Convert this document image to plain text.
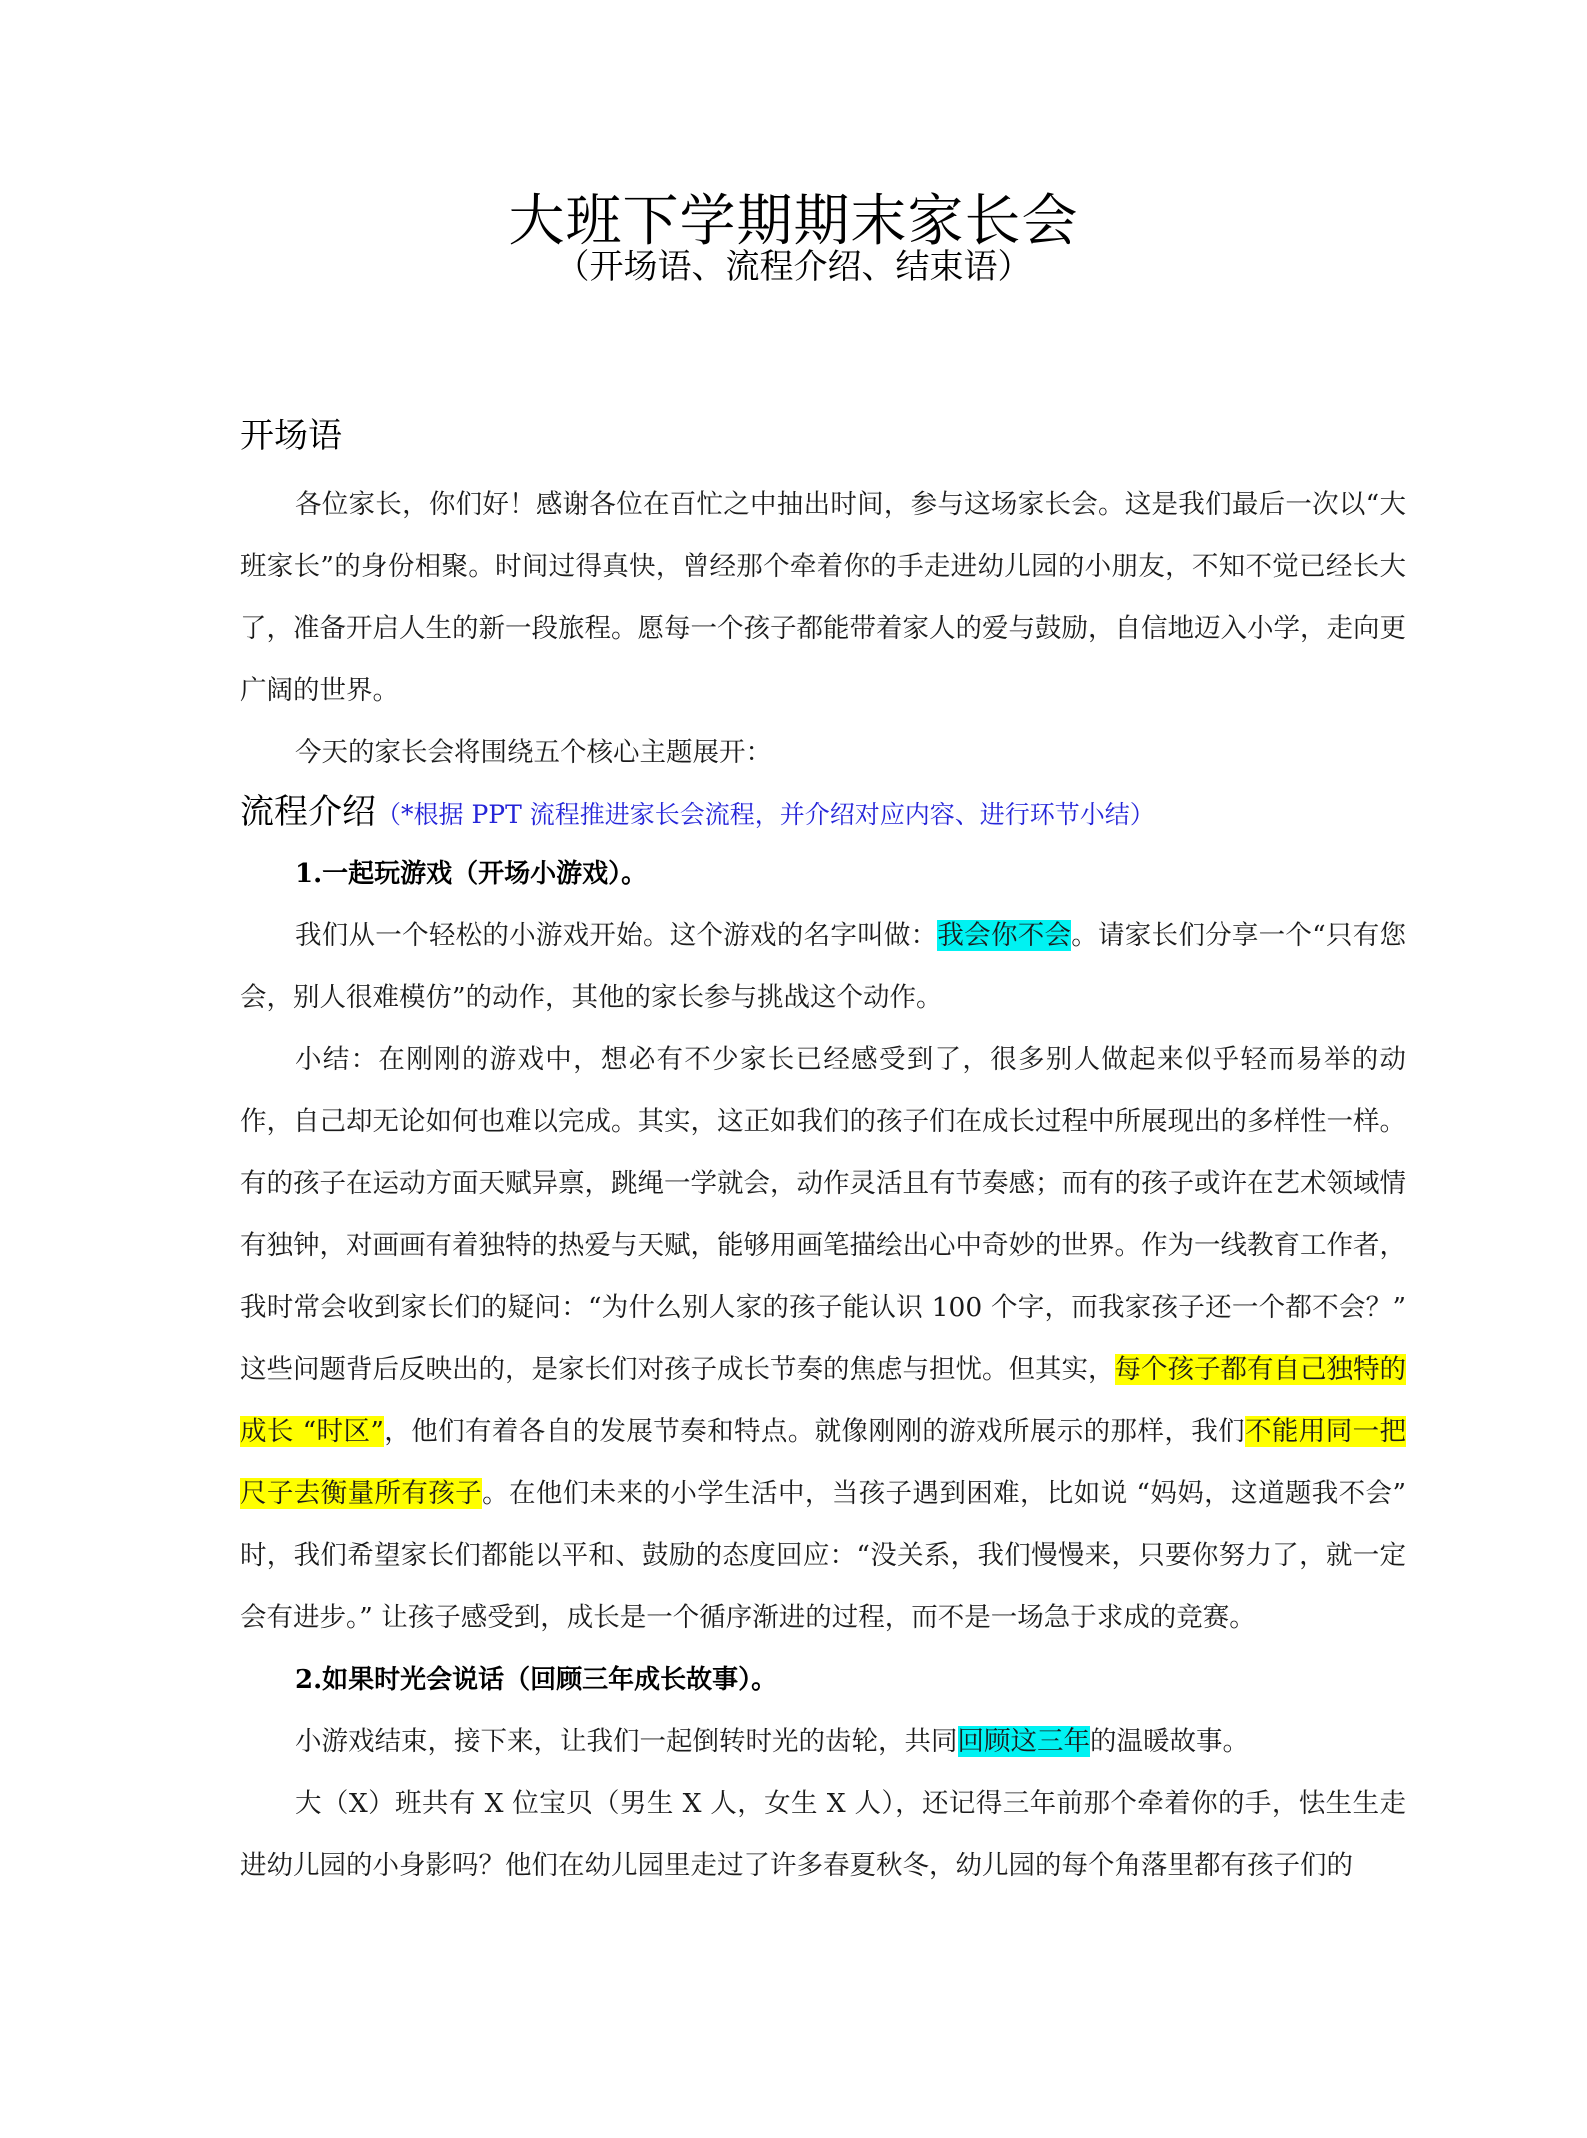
大班下学期期末家长会
（开场语、流程介绍、结束语）
开场语

各位家长，你们好！感谢各位在百忙之中抽出时间，参与这场家长会。这是我们最后一次以“大班家长”的身份相聚。时间过得真快，曾经那个牵着你的手走进幼儿园的小朋友，不知不觉已经长大了，准备开启人生的新一段旅程。愿每一个孩子都能带着家人的爱与鼓励，自信地迈入小学，走向更广阔的世界。

今天的家长会将围绕五个核心主题展开：

流程介绍（*根据 PPT 流程推进家长会流程，并介绍对应内容、进行环节小结）
1.一起玩游戏（开场小游戏）。

我们从一个轻松的小游戏开始。这个游戏的名字叫做：我会你不会。请家长们分享一个“只有您会，别人很难模仿”的动作，其他的家长参与挑战这个动作。

小结：在刚刚的游戏中，想必有不少家长已经感受到了，很多别人做起来似乎轻而易举的动作，自己却无论如何也难以完成。其实，这正如我们的孩子们在成长过程中所展现出的多样性一样。有的孩子在运动方面天赋异禀，跳绳一学就会，动作灵活且有节奏感；而有的孩子或许在艺术领域情有独钟，对画画有着独特的热爱与天赋，能够用画笔描绘出心中奇妙的世界。作为一线教育工作者，我时常会收到家长们的疑问：“为什么别人家的孩子能认识 100 个字，而我家孩子还一个都不会？” 这些问题背后反映出的，是家长们对孩子成长节奏的焦虑与担忧。但其实，每个孩子都有自己独特的成长 “时区”，他们有着各自的发展节奏和特点。就像刚刚的游戏所展示的那样，我们不能用同一把尺子去衡量所有孩子。在他们未来的小学生活中，当孩子遇到困难，比如说 “妈妈，这道题我不会” 时，我们希望家长们都能以平和、鼓励的态度回应：“没关系，我们慢慢来，只要你努力了，就一定会有进步。” 让孩子感受到，成长是一个循序渐进的过程，而不是一场急于求成的竞赛。

2.如果时光会说话（回顾三年成长故事）。

小游戏结束，接下来，让我们一起倒转时光的齿轮，共同回顾这三年的温暖故事。

大（X）班共有 X 位宝贝（男生 X 人，女生 X 人），还记得三年前那个牵着你的手，怯生生走进幼儿园的小身影吗？他们在幼儿园里走过了许多春夏秋冬，幼儿园的每个角落里都有孩子们的
